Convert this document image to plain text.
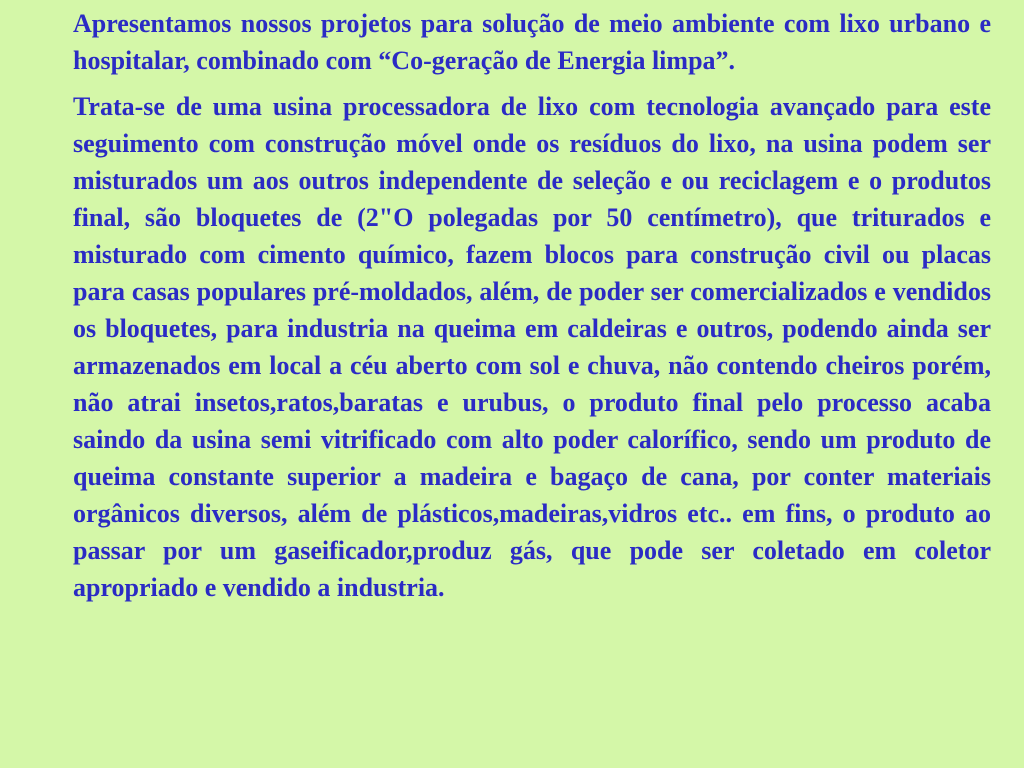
Apresentamos nossos projetos para solução de meio ambiente com lixo urbano e hospitalar, combinado com “Co-geração de Energia limpa”.

Trata-se de uma usina processadora de lixo com tecnologia avançado para este seguimento com construção móvel onde os resíduos do lixo, na usina podem ser misturados um aos outros independente de seleção e ou reciclagem e o produtos final, são bloquetes de (2"O polegadas por 50 centímetro), que triturados e misturado com cimento químico, fazem blocos para construção civil ou placas para casas populares pré-moldados, além, de poder ser comercializados e vendidos os bloquetes, para industria na queima em caldeiras e outros, podendo ainda ser armazenados em local a céu aberto com sol e chuva, não contendo cheiros porém, não atrai insetos,ratos,baratas e urubus, o produto final pelo processo acaba saindo da usina semi vitrificado com alto poder calorífico, sendo um produto de queima constante superior a madeira e bagaço de cana, por conter materiais orgânicos diversos, além de plásticos,madeiras,vidros etc.. em fins, o produto ao passar por um gaseificador,produz gás, que pode ser coletado em coletor apropriado e vendido a industria.
